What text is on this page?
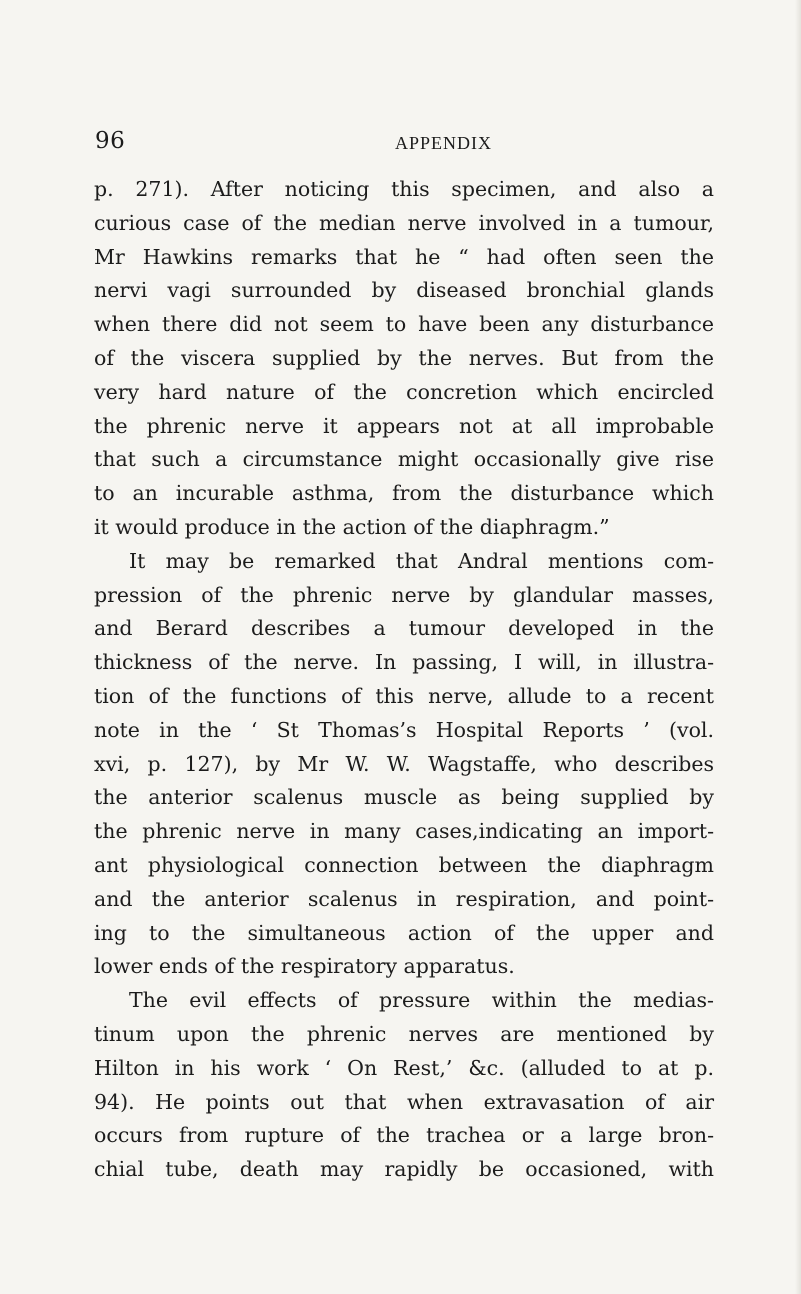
96	APPENDIX
p. 271). After noticing this specimen, and also a
curious case of the median nerve involved in a tumour,
Mr Hawkins remarks that he “ had often seen the
nervi vagi surrounded by diseased bronchial glands
when there did not seem to have been any disturbance
of the viscera supplied by the nerves. But from the
very hard nature of the concretion which encircled
the phrenic nerve it appears not at all improbable
that such a circumstance might occasionally give rise
to an incurable asthma, from the disturbance which
it would produce in the action of the diaphragm.”
It may be remarked that Andral mentions com-
pression of the phrenic nerve by glandular masses,
and Berard describes a tumour developed in the
thickness of the nerve. In passing, I will, in illustra-
tion of the functions of this nerve, allude to a recent
note in the ‘ St Thomas’s Hospital Reports ’ (vol.
xvi, p. 127), by Mr W. W. Wagstaffe, who describes
the anterior scalenus muscle as being supplied by
the phrenic nerve in many cases,indicating an import-
ant physiological connection between the diaphragm
and the anterior scalenus in respiration, and point-
ing to the simultaneous action of the upper and
lower ends of the respiratory apparatus.
The evil effects of pressure within the medias-
tinum upon the phrenic nerves are mentioned by
Hilton in his work ‘ On Rest,’ &c. (alluded to at p.
94). He points out that when extravasation of air
occurs from rupture of the trachea or a large bron-
chial tube, death may rapidly be occasioned, with
